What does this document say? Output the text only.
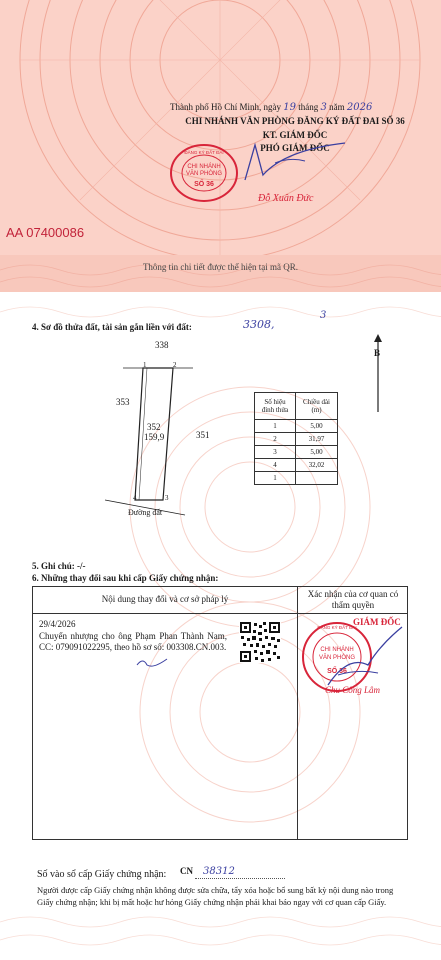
Thành phố Hồ Chí Minh, ngày 19 tháng 3 năm 2026
CHI NHÁNH VĂN PHÒNG ĐĂNG KÝ ĐẤT ĐAI SỐ 36
KT. GIÁM ĐỐC
PHÓ GIÁM ĐỐC
CHI NHÁNH
VĂN PHÒNG
ĐĂNG KÝ ĐẤT ĐAI
SỐ 36
Đỗ Xuân Đức
AA 07400086
Thông tin chi tiết được thể hiện tại mã QR.
4. Sơ đồ thửa đất, tài sản gắn liền với đất:	3308,
3
B
338
353
351
352
159,9
1	2
3
4
Đường đất
Số hiệu đỉnh thửa	Chiều dài (m)
1	5,00
2	31,97
3	5,00
4	32,02
1	
5. Ghi chú: -/-
6. Những thay đổi sau khi cấp Giấy chứng nhận:
Nội dung thay đổi và cơ sở pháp lý	Xác nhận của cơ quan có thẩm quyền
29/4/2026
Chuyển nhượng cho ông Phạm Phan Thành Nam, CC: 079091022295, theo hồ sơ số: 003308.CN.003.
GIÁM ĐỐC
ĐĂNG KÝ ĐẤT ĐAI
CHI NHÁNH
VĂN PHÒNG
SỐ 36
Chu Công Lâm
Số vào sổ cấp Giấy chứng nhận: CN 38312
Người được cấp Giấy chứng nhận không được sửa chữa, tẩy xóa hoặc bổ sung bất kỳ nội dung nào trong Giấy chứng nhận; khi bị mất hoặc hư hỏng Giấy chứng nhận phải khai báo ngay với cơ quan cấp Giấy.
